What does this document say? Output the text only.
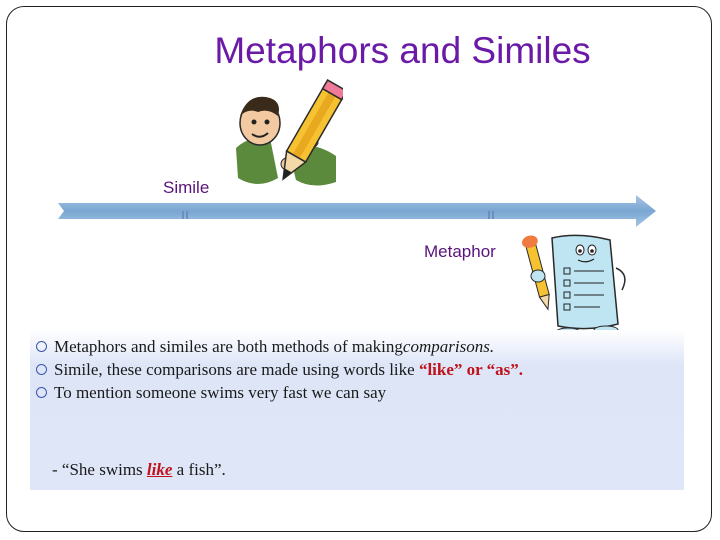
Metaphors and Similes
Simile
Metaphor
Metaphors and similes are both methods of making comparisons.
Simile, these comparisons are made using words like “like” or “as”.
To mention someone swims very fast we can say
- “She swims like a fish”.
